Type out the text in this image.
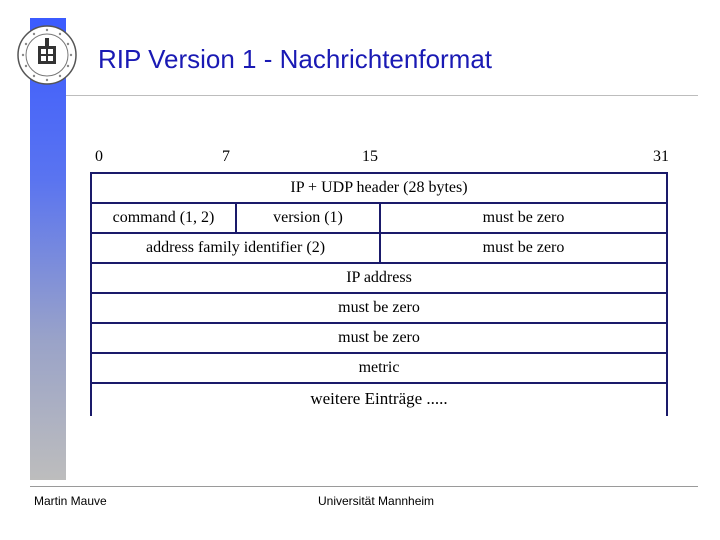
RIP Version 1 - Nachrichtenformat
0	7	15	31
IP + UDP header (28 bytes)
command (1, 2)	version (1)	must be zero
address family identifier (2)	must be zero
IP address
must be zero
must be zero
metric
weitere Einträge .....
Martin Mauve	Universität Mannheim
